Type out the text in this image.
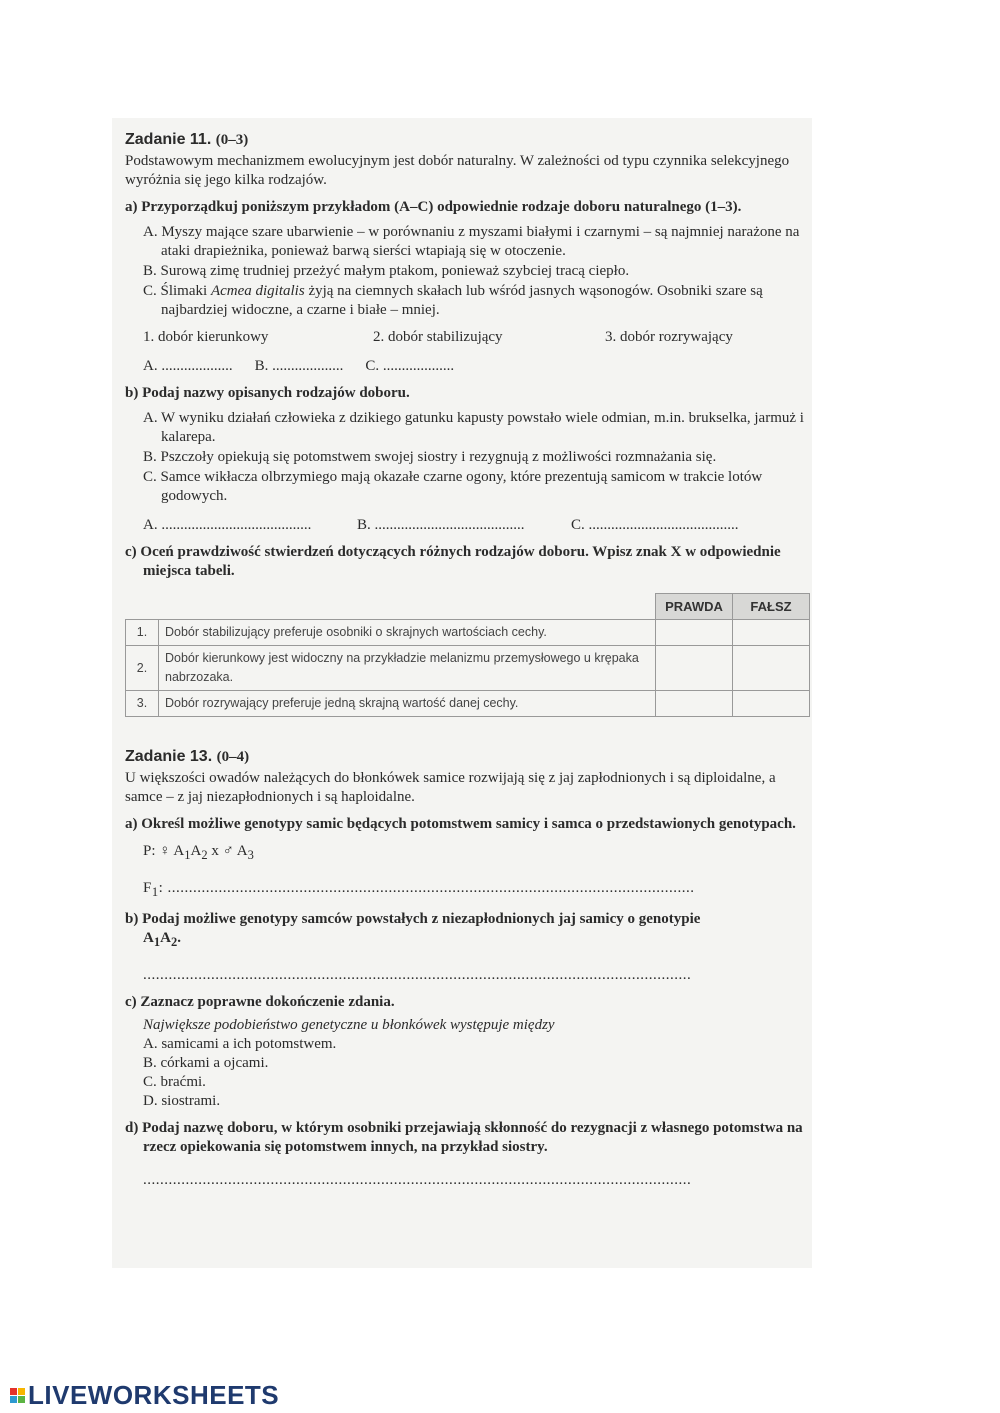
Zadanie 11. (0–3)

Podstawowym mechanizmem ewolucyjnym jest dobór naturalny. W zależności od typu czynnika selekcyjnego wyróżnia się jego kilka rodzajów.

a) Przyporządkuj poniższym przykładom (A–C) odpowiednie rodzaje doboru naturalnego (1–3).

A. Myszy mające szare ubarwienie – w porównaniu z myszami białymi i czarnymi – są najmniej narażone na ataki drapieżnika, ponieważ barwą sierści wtapiają się w otoczenie.

B. Surową zimę trudniej przeżyć małym ptakom, ponieważ szybciej tracą ciepło.

C. Ślimaki Acmea digitalis żyją na ciemnych skałach lub wśród jasnych wąsonogów. Osobniki szare są najbardziej widoczne, a czarne i białe – mniej.

1. dobór kierunkowy	2. dobór stabilizujący	3. dobór rozrywający
A. ................... B. ................... C. ...................

b) Podaj nazwy opisanych rodzajów doboru.

A. W wyniku działań człowieka z dzikiego gatunku kapusty powstało wiele odmian, m.in. brukselka, jarmuż i kalarepa.

B. Pszczoły opiekują się potomstwem swojej siostry i rezygnują z możliwości rozmnażania się.

C. Samce wikłacza olbrzymiego mają okazałe czarne ogony, które prezentują samicom w trakcie lotów godowych.

A. ........................................	B. ........................................	C. ........................................

c) Oceń prawdziwość stwierdzeń dotyczących różnych rodzajów doboru. Wpisz znak X w odpowiednie miejsca tabeli.

		PRAWDA	FAŁSZ
1.	Dobór stabilizujący preferuje osobniki o skrajnych wartościach cechy.		
2.	Dobór kierunkowy jest widoczny na przykładzie melanizmu przemysłowego u krępaka nabrzozaka.		
3.	Dobór rozrywający preferuje jedną skrajną wartość danej cechy.		
Zadanie 13. (0–4)

U większości owadów należących do błonkówek samice rozwijają się z jaj zapłodnionych i są diploidalne, a samce – z jaj niezapłodnionych i są haploidalne.

a) Określ możliwe genotypy samic będących potomstwem samicy i samca o przedstawionych genotypach.

P: ♀ $A_1A_2$ x ♂ $A_3$

$F_1$: ............................................................................................................................

b) Podaj możliwe genotypy samców powstałych z niezapłodnionych jaj samicy o genotypie
$A_1A_2$.

.................................................................................................................................

c) Zaznacz poprawne dokończenie zdania.

Największe podobieństwo genetyczne u błonkówek występuje między

A. samicami a ich potomstwem.

B. córkami a ojcami.

C. braćmi.

D. siostrami.

d) Podaj nazwę doboru, w którym osobniki przejawiają skłonność do rezygnacji z własnego potomstwa na rzecz opiekowania się potomstwem innych, na przykład siostry.

.................................................................................................................................

LIVEWORKSHEETS
